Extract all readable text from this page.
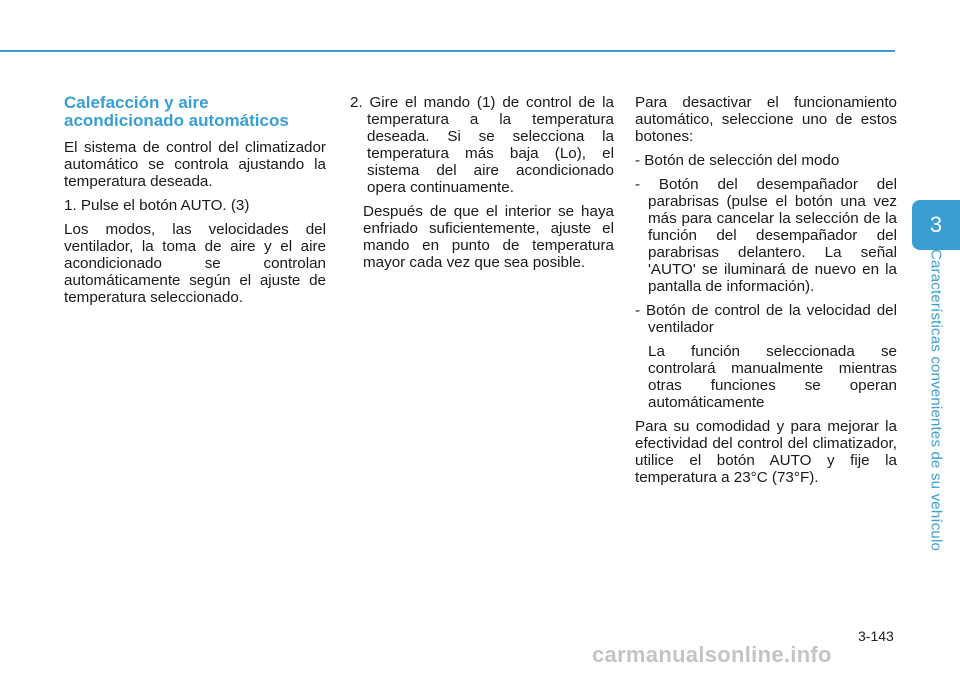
Calefacción y aire acondicionado automáticos

El sistema de control del climatizador automático se controla ajustando la temperatura deseada.

1. Pulse el botón AUTO. (3)

Los modos, las velocidades del ventilador, la toma de aire y el aire acondicionado se controlan automáticamente según el ajuste de temperatura seleccionado.

2. Gire el mando (1) de control de la temperatura a la temperatura deseada. Si se selecciona la temperatura más baja (Lo), el sistema del aire acondicionado opera continuamente.

Después de que el interior se haya enfriado suficientemente, ajuste el mando en punto de temperatura mayor cada vez que sea posible.

Para desactivar el funcionamiento automático, seleccione uno de estos botones:

- Botón de selección del modo

- Botón del desempañador del parabrisas (pulse el botón una vez más para cancelar la selección de la función del desempañador del parabrisas delantero. La señal 'AUTO' se iluminará de nuevo en la pantalla de información).

- Botón de control de la velocidad del ventilador

La función seleccionada se controlará manualmente mientras otras funciones se operan automáticamente

Para su comodidad y para mejorar la efectividad del control del climatizador, utilice el botón AUTO y fije la temperatura a 23°C (73°F).

3
Características convenientes de su vehículo
3-143
carmanualsonline.info
